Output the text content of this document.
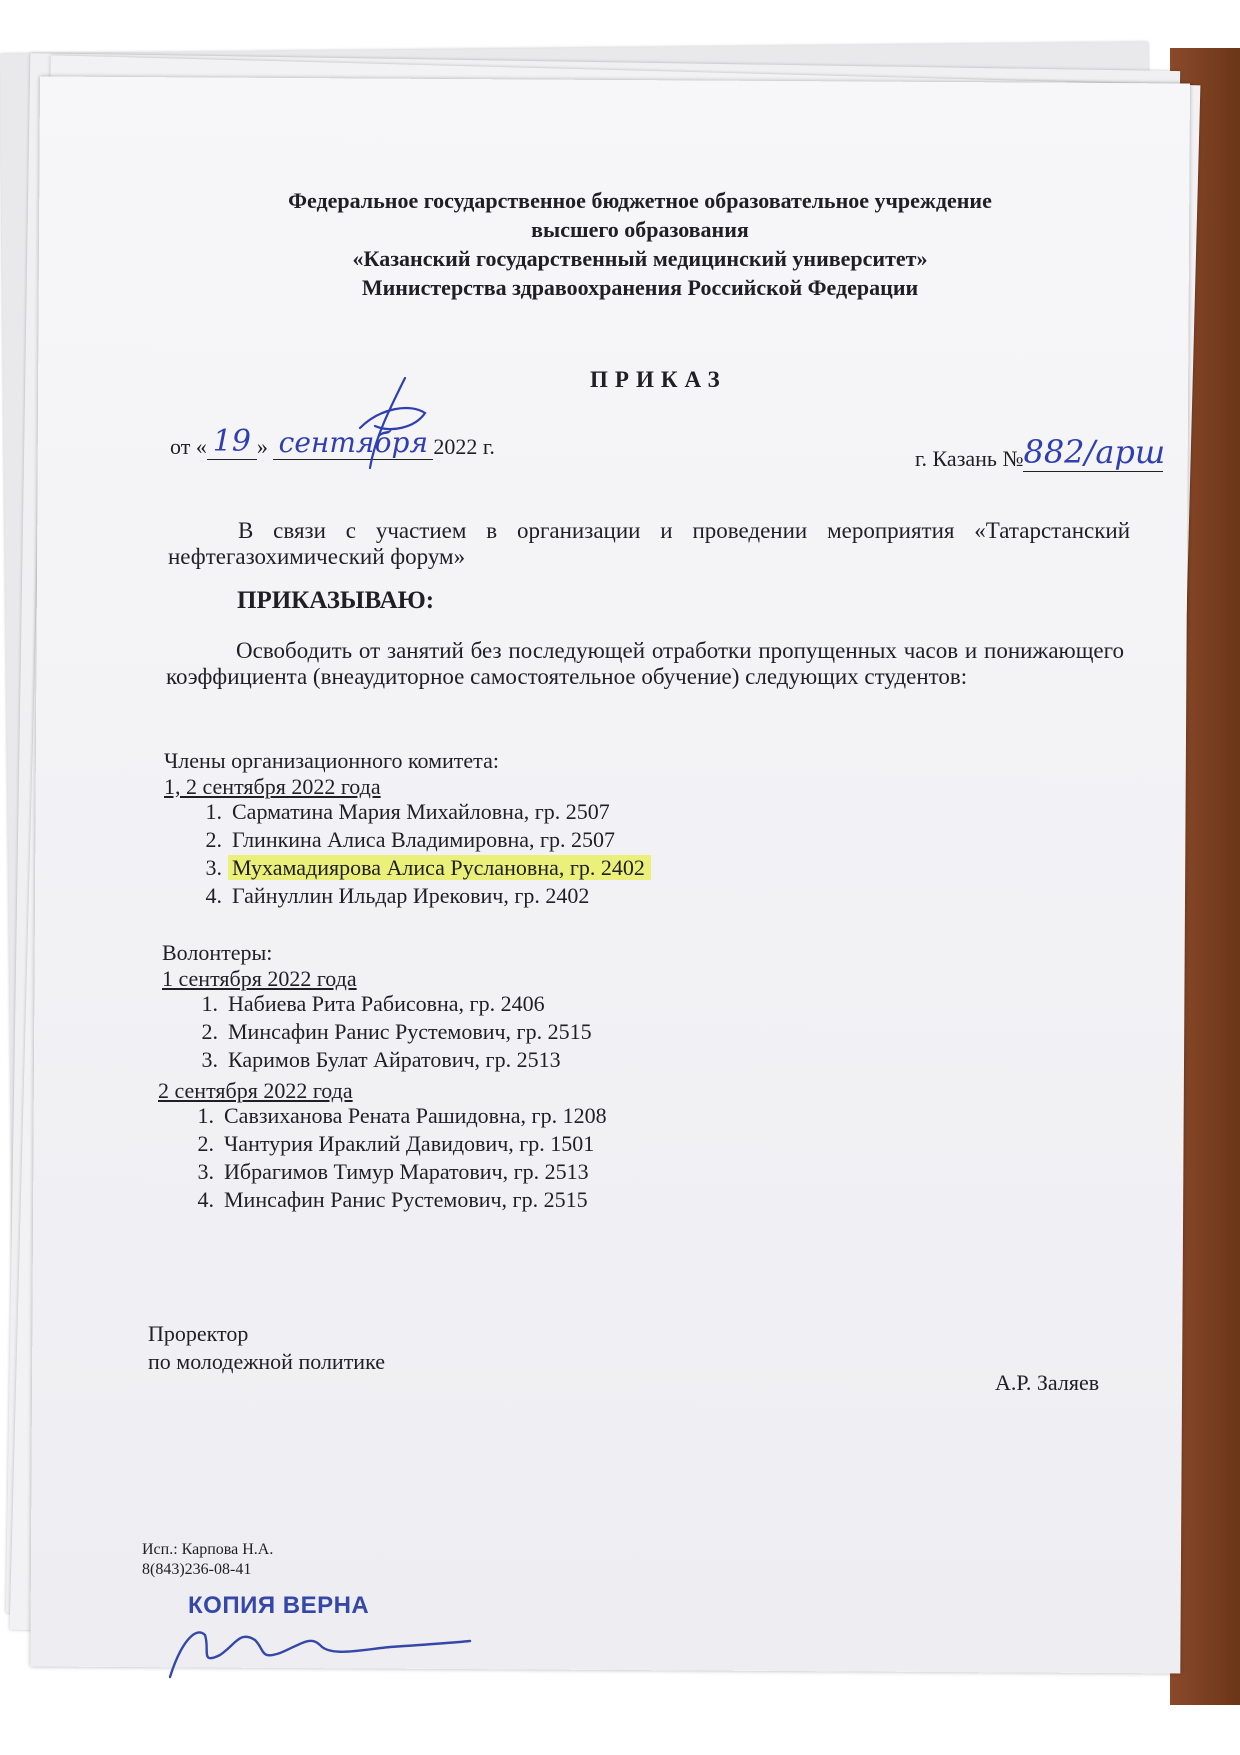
Федеральное государственное бюджетное образовательное учреждение
высшего образования
«Казанский государственный медицинский университет»
Министерства здравоохранения Российской Федерации
ПРИКАЗ
от « 19 » сентября 2022 г.	г. Казань №882/арш
В связи с участием в организации и проведении мероприятия «Татарстанский нефтегазохимический форум»
ПРИКАЗЫВАЮ:
Освободить от занятий без последующей отработки пропущенных часов и понижающего коэффициента (внеаудиторное самостоятельное обучение) следующих студентов:
Члены организационного комитета:
1, 2 сентября 2022 года
1. Сарматина Мария Михайловна, гр. 2507
2. Глинкина Алиса Владимировна, гр. 2507
3. Мухамадиярова Алиса Руслановна, гр. 2402
4. Гайнуллин Ильдар Ирекович, гр. 2402
Волонтеры:
1 сентября 2022 года
1. Набиева Рита Рабисовна, гр. 2406
2. Минсафин Ранис Рустемович, гр. 2515
3. Каримов Булат Айратович, гр. 2513
2 сентября 2022 года
1. Савзиханова Рената Рашидовна, гр. 1208
2. Чантурия Ираклий Давидович, гр. 1501
3. Ибрагимов Тимур Маратович, гр. 2513
4. Минсафин Ранис Рустемович, гр. 2515
Проректор
по молодежной политике
А.Р. Заляев
Исп.: Карпова Н.А.
8(843)236-08-41
КОПИЯ ВЕРНА
